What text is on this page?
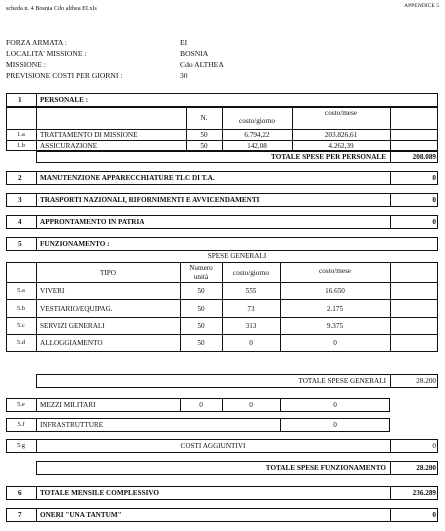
scheda n. 4 Bosnia Cdo althea EI.xls	APPENDICE 5
FORZA ARMATA :	EI
LOCALITA' MISSIONE :	BOSNIA
MISSIONE :	Cdo ALTHEA
PREVISIONE COSTI PER GIORNI :	30
1	PERSONALE :
N.	costo/giorno
costo/mese
1.a	TRATTAMENTO DI MISSIONE	50	6.794,22	203.826,61
1.b	ASSICURAZIONE	50	142,08	4.262,39
TOTALE SPESE PER PERSONALE	208.089
2	MANUTENZIONE APPARECCHIATURE TLC DI T.A.	0
3	TRASPORTI NAZIONALI, RIFORNIMENTI E AVVICENDAMENTI	0
4	APPRONTAMENTO IN PATRIA	0
5	FUNZIONAMENTO :
SPESE GENERALI
TIPO
Numero
unità	costo/giorno	costo/mese
5.a	VIVERI	50	555	16.650
5.b	VESTIARIO/EQUIPAG.	50	73	2.175
5.c	SERVIZI GENERALI	50	313	9.375
5.d	ALLOGGIAMENTO	50	0	0
TOTALE SPESE GENERALI	28.200
5.e	MEZZI MILITARI	0	0	0
5.f	INFRASTRUTTURE	0
5.g	COSTI AGGIUNTIVI	0
TOTALE SPESE FUNZIONAMENTO	28.200
6	TOTALE MENSILE COMPLESSIVO	236.289
7	ONERI "UNA TANTUM"	0
